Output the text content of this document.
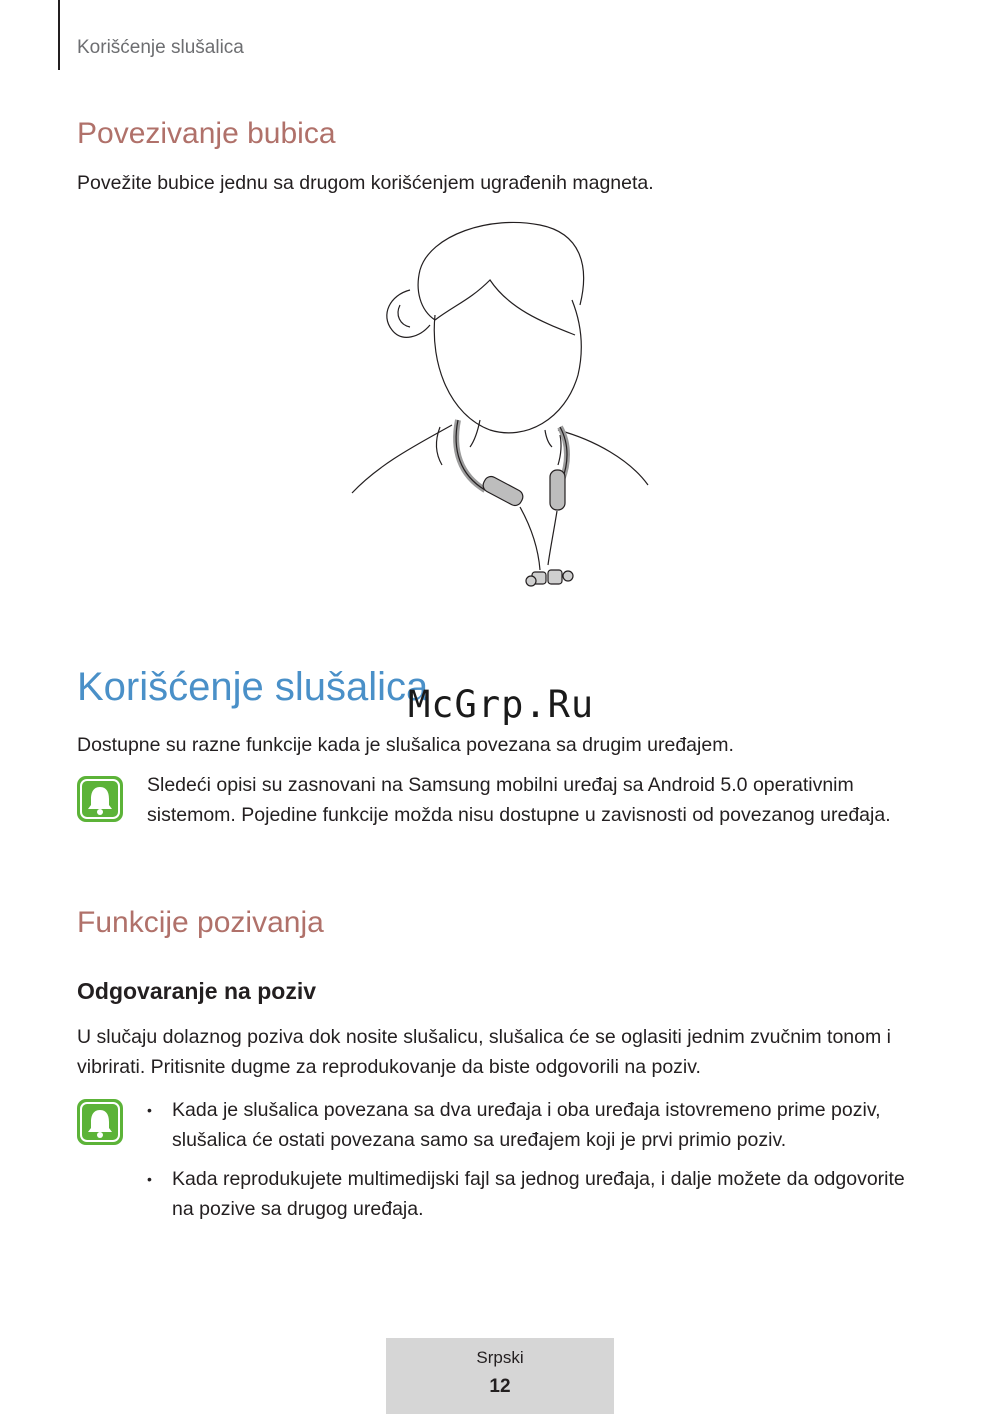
Korišćenje slušalica
Povezivanje bubica

Povežite bubice jednu sa drugom korišćenjem ugrađenih magneta.

Korišćenje slušalica
McGrp.Ru

Dostupne su razne funkcije kada je slušalica povezana sa drugim uređajem.

Sledeći opisi su zasnovani na Samsung mobilni uređaj sa Android 5.0 operativnim sistemom. Pojedine funkcije možda nisu dostupne u zavisnosti od povezanog uređaja.

Funkcije pozivanja
Odgovaranje na poziv

U slučaju dolaznog poziva dok nosite slušalicu, slušalica će se oglasiti jednim zvučnim tonom i vibrirati. Pritisnite dugme za reprodukovanje da biste odgovorili na poziv.

• Kada je slušalica povezana sa dva uređaja i oba uređaja istovremeno prime poziv, slušalica će ostati povezana samo sa uređajem koji je prvi primio poziv.
• Kada reprodukujete multimedijski fajl sa jednog uređaja, i dalje možete da odgovorite na pozive sa drugog uređaja.
Srpski
12
